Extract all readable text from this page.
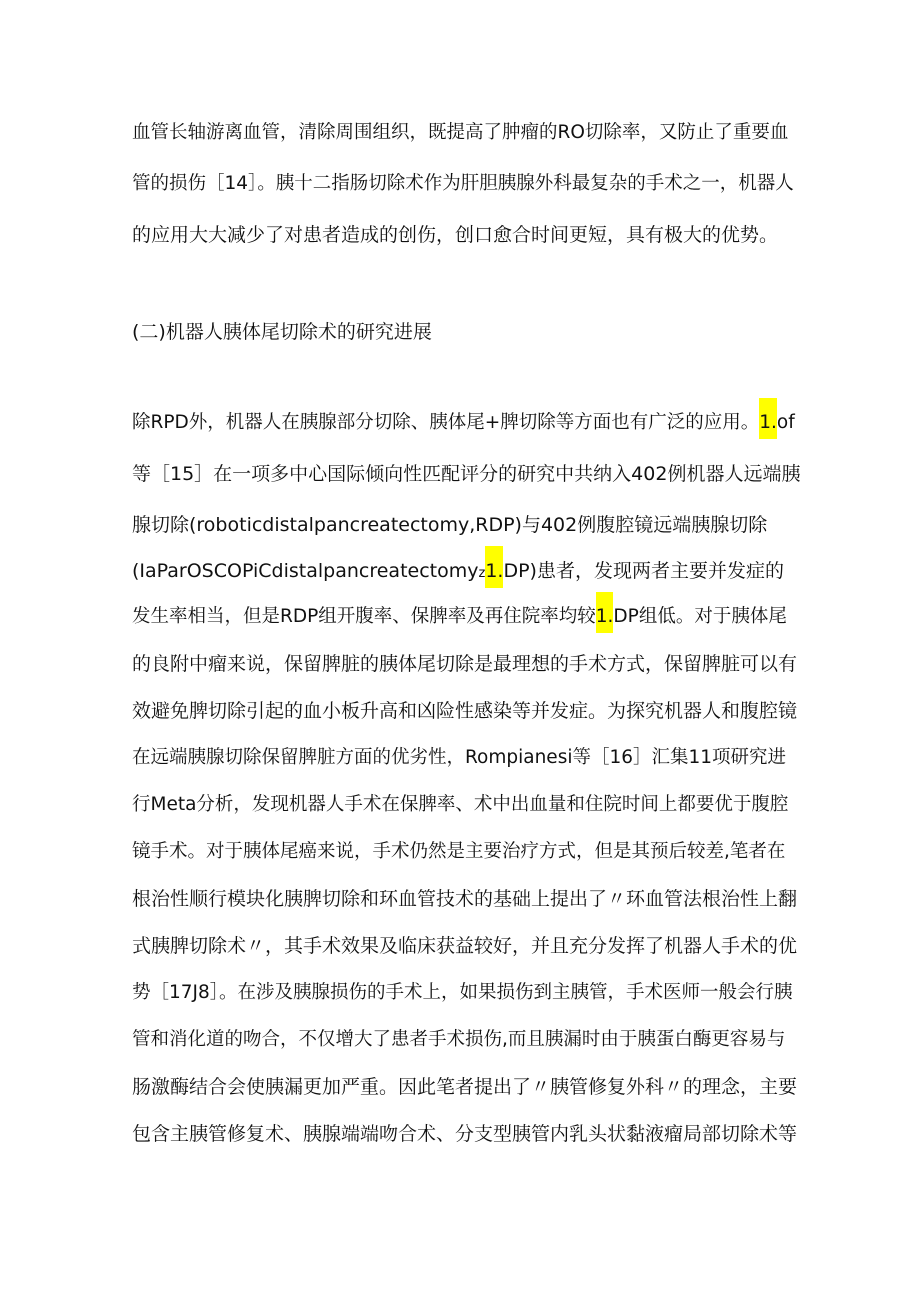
血管长轴游离血管，清除周围组织，既提高了肿瘤的RO切除率，又防止了重要血
管的损伤［14］。胰十二指肠切除术作为肝胆胰腺外科最复杂的手术之一，机器人
的应用大大减少了对患者造成的创伤，创口愈合时间更短，具有极大的优势。
(二)机器人胰体尾切除术的研究进展
除RPD外，机器人在胰腺部分切除、胰体尾+脾切除等方面也有广泛的应用。1.of
等［15］在一项多中心国际倾向性匹配评分的研究中共纳入402例机器人远端胰
腺切除(roboticdistalpancreatectomy,RDP)与402例腹腔镜远端胰腺切除
(IaParOSCOPiCdistalpancreatectomyz1.DP)患者，发现两者主要并发症的
发生率相当，但是RDP组开腹率、保脾率及再住院率均较1.DP组低。对于胰体尾
的良附中瘤来说，保留脾脏的胰体尾切除是最理想的手术方式，保留脾脏可以有
效避免脾切除引起的血小板升高和凶险性感染等并发症。为探究机器人和腹腔镜
在远端胰腺切除保留脾脏方面的优劣性，Rompianesi等［16］汇集11项研究进
行Meta分析，发现机器人手术在保脾率、术中出血量和住院时间上都要优于腹腔
镜手术。对于胰体尾癌来说，手术仍然是主要治疗方式，但是其预后较差,笔者在
根治性顺行模块化胰脾切除和环血管技术的基础上提出了〃环血管法根治性上翻
式胰脾切除术〃，其手术效果及临床获益较好，并且充分发挥了机器人手术的优
势［17J8］。在涉及胰腺损伤的手术上，如果损伤到主胰管，手术医师一般会行胰
管和消化道的吻合，不仅增大了患者手术损伤,而且胰漏时由于胰蛋白酶更容易与
肠激酶结合会使胰漏更加严重。因此笔者提出了〃胰管修复外科〃的理念，主要
包含主胰管修复术、胰腺端端吻合术、分支型胰管内乳头状黏液瘤局部切除术等
